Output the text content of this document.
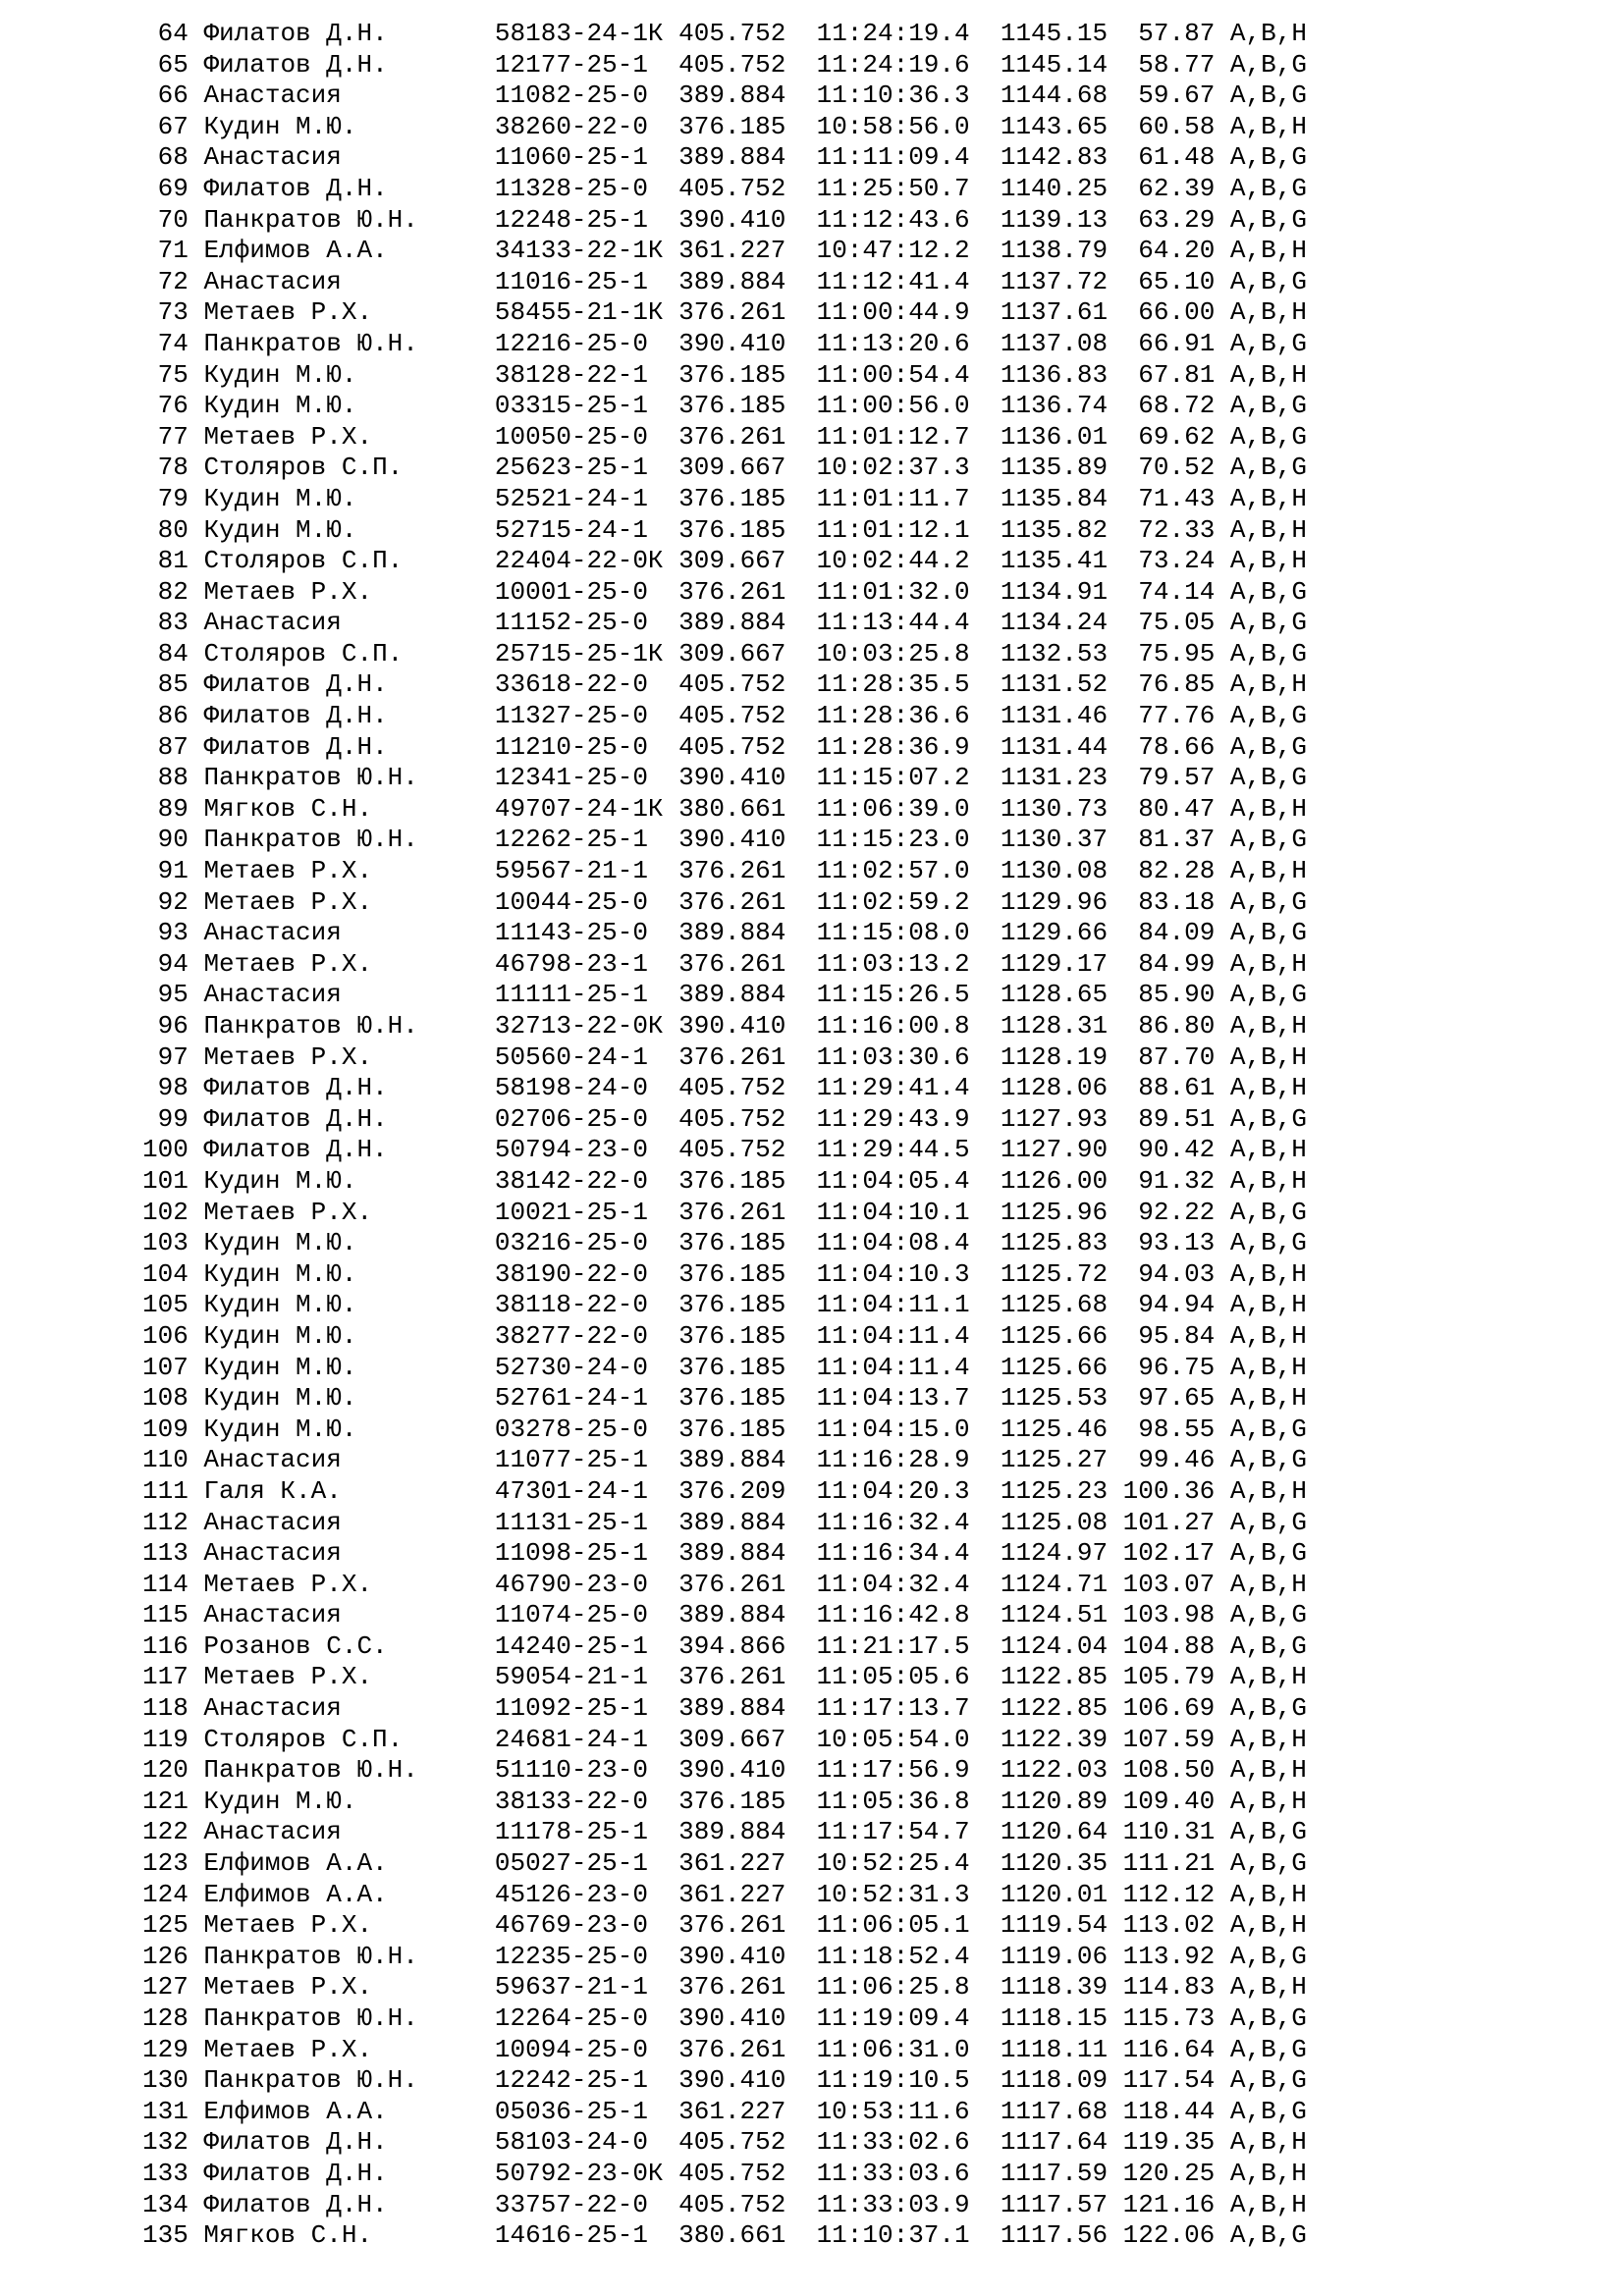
64 Филатов Д.Н.	58183-24-1К 405.752 11:24:19.4 1145.15 57.87 A,B,H
65 Филатов Д.Н.	12177-25-1 405.752 11:24:19.6 1145.14 58.77 A,B,G
66 Анастасия	11082-25-0 389.884 11:10:36.3 1144.68 59.67 A,B,G
67 Кудин М.Ю.	38260-22-0 376.185 10:58:56.0 1143.65 60.58 A,B,H
68 Анастасия	11060-25-1 389.884 11:11:09.4 1142.83 61.48 A,B,G
69 Филатов Д.Н.	11328-25-0 405.752 11:25:50.7 1140.25 62.39 A,B,G
70 Панкратов Ю.Н.	12248-25-1 390.410 11:12:43.6 1139.13 63.29 A,B,G
71 Елфимов А.А.	34133-22-1К 361.227 10:47:12.2 1138.79 64.20 A,B,H
72 Анастасия	11016-25-1 389.884 11:12:41.4 1137.72 65.10 A,B,G
73 Метаев Р.Х.	58455-21-1К 376.261 11:00:44.9 1137.61 66.00 A,B,H
74 Панкратов Ю.Н.	12216-25-0 390.410 11:13:20.6 1137.08 66.91 A,B,G
75 Кудин М.Ю.	38128-22-1 376.185 11:00:54.4 1136.83 67.81 A,B,H
76 Кудин М.Ю.	03315-25-1 376.185 11:00:56.0 1136.74 68.72 A,B,G
77 Метаев Р.Х.	10050-25-0 376.261 11:01:12.7 1136.01 69.62 A,B,G
78 Столяров С.П.	25623-25-1 309.667 10:02:37.3 1135.89 70.52 A,B,G
79 Кудин М.Ю.	52521-24-1 376.185 11:01:11.7 1135.84 71.43 A,B,H
80 Кудин М.Ю.	52715-24-1 376.185 11:01:12.1 1135.82 72.33 A,B,H
81 Столяров С.П.	22404-22-0К 309.667 10:02:44.2 1135.41 73.24 A,B,H
82 Метаев Р.Х.	10001-25-0 376.261 11:01:32.0 1134.91 74.14 A,B,G
83 Анастасия	11152-25-0 389.884 11:13:44.4 1134.24 75.05 A,B,G
84 Столяров С.П.	25715-25-1К 309.667 10:03:25.8 1132.53 75.95 A,B,G
85 Филатов Д.Н.	33618-22-0 405.752 11:28:35.5 1131.52 76.85 A,B,H
86 Филатов Д.Н.	11327-25-0 405.752 11:28:36.6 1131.46 77.76 A,B,G
87 Филатов Д.Н.	11210-25-0 405.752 11:28:36.9 1131.44 78.66 A,B,G
88 Панкратов Ю.Н.	12341-25-0 390.410 11:15:07.2 1131.23 79.57 A,B,G
89 Мягков С.Н.	49707-24-1К 380.661 11:06:39.0 1130.73 80.47 A,B,H
90 Панкратов Ю.Н.	12262-25-1 390.410 11:15:23.0 1130.37 81.37 A,B,G
91 Метаев Р.Х.	59567-21-1 376.261 11:02:57.0 1130.08 82.28 A,B,H
92 Метаев Р.Х.	10044-25-0 376.261 11:02:59.2 1129.96 83.18 A,B,G
93 Анастасия	11143-25-0 389.884 11:15:08.0 1129.66 84.09 A,B,G
94 Метаев Р.Х.	46798-23-1 376.261 11:03:13.2 1129.17 84.99 A,B,H
95 Анастасия	11111-25-1 389.884 11:15:26.5 1128.65 85.90 A,B,G
96 Панкратов Ю.Н.	32713-22-0К 390.410 11:16:00.8 1128.31 86.80 A,B,H
97 Метаев Р.Х.	50560-24-1 376.261 11:03:30.6 1128.19 87.70 A,B,H
98 Филатов Д.Н.	58198-24-0 405.752 11:29:41.4 1128.06 88.61 A,B,H
99 Филатов Д.Н.	02706-25-0 405.752 11:29:43.9 1127.93 89.51 A,B,G
100 Филатов Д.Н.	50794-23-0 405.752 11:29:44.5 1127.90 90.42 A,B,H
101 Кудин М.Ю.	38142-22-0 376.185 11:04:05.4 1126.00 91.32 A,B,H
102 Метаев Р.Х.	10021-25-1 376.261 11:04:10.1 1125.96 92.22 A,B,G
103 Кудин М.Ю.	03216-25-0 376.185 11:04:08.4 1125.83 93.13 A,B,G
104 Кудин М.Ю.	38190-22-0 376.185 11:04:10.3 1125.72 94.03 A,B,H
105 Кудин М.Ю.	38118-22-0 376.185 11:04:11.1 1125.68 94.94 A,B,H
106 Кудин М.Ю.	38277-22-0 376.185 11:04:11.4 1125.66 95.84 A,B,H
107 Кудин М.Ю.	52730-24-0 376.185 11:04:11.4 1125.66 96.75 A,B,H
108 Кудин М.Ю.	52761-24-1 376.185 11:04:13.7 1125.53 97.65 A,B,H
109 Кудин М.Ю.	03278-25-0 376.185 11:04:15.0 1125.46 98.55 A,B,G
110 Анастасия	11077-25-1 389.884 11:16:28.9 1125.27 99.46 A,B,G
111 Галя К.А.	47301-24-1 376.209 11:04:20.3 1125.23 100.36 A,B,H
112 Анастасия	11131-25-1 389.884 11:16:32.4 1125.08 101.27 A,B,G
113 Анастасия	11098-25-1 389.884 11:16:34.4 1124.97 102.17 A,B,G
114 Метаев Р.Х.	46790-23-0 376.261 11:04:32.4 1124.71 103.07 A,B,H
115 Анастасия	11074-25-0 389.884 11:16:42.8 1124.51 103.98 A,B,G
116 Розанов С.С.	14240-25-1 394.866 11:21:17.5 1124.04 104.88 A,B,G
117 Метаев Р.Х.	59054-21-1 376.261 11:05:05.6 1122.85 105.79 A,B,H
118 Анастасия	11092-25-1 389.884 11:17:13.7 1122.85 106.69 A,B,G
119 Столяров С.П.	24681-24-1 309.667 10:05:54.0 1122.39 107.59 A,B,H
120 Панкратов Ю.Н.	51110-23-0 390.410 11:17:56.9 1122.03 108.50 A,B,H
121 Кудин М.Ю.	38133-22-0 376.185 11:05:36.8 1120.89 109.40 A,B,H
122 Анастасия	11178-25-1 389.884 11:17:54.7 1120.64 110.31 A,B,G
123 Елфимов А.А.	05027-25-1 361.227 10:52:25.4 1120.35 111.21 A,B,G
124 Елфимов А.А.	45126-23-0 361.227 10:52:31.3 1120.01 112.12 A,B,H
125 Метаев Р.Х.	46769-23-0 376.261 11:06:05.1 1119.54 113.02 A,B,H
126 Панкратов Ю.Н.	12235-25-0 390.410 11:18:52.4 1119.06 113.92 A,B,G
127 Метаев Р.Х.	59637-21-1 376.261 11:06:25.8 1118.39 114.83 A,B,H
128 Панкратов Ю.Н.	12264-25-0 390.410 11:19:09.4 1118.15 115.73 A,B,G
129 Метаев Р.Х.	10094-25-0 376.261 11:06:31.0 1118.11 116.64 A,B,G
130 Панкратов Ю.Н.	12242-25-1 390.410 11:19:10.5 1118.09 117.54 A,B,G
131 Елфимов А.А.	05036-25-1 361.227 10:53:11.6 1117.68 118.44 A,B,G
132 Филатов Д.Н.	58103-24-0 405.752 11:33:02.6 1117.64 119.35 A,B,H
133 Филатов Д.Н.	50792-23-0К 405.752 11:33:03.6 1117.59 120.25 A,B,H
134 Филатов Д.Н.	33757-22-0 405.752 11:33:03.9 1117.57 121.16 A,B,H
135 Мягков С.Н.	14616-25-1 380.661 11:10:37.1 1117.56 122.06 A,B,G
